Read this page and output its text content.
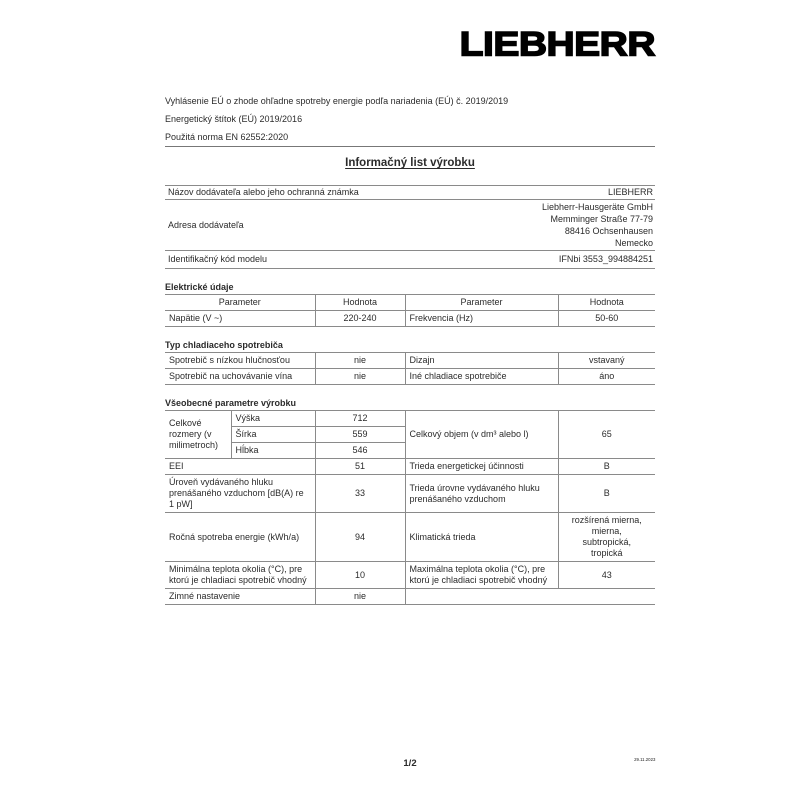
LIEBHERR
Vyhlásenie EÚ o zhode ohľadne spotreby energie podľa nariadenia (EÚ) č. 2019/2019
Energetický štítok (EÚ) 2019/2016
Použitá norma EN 62552:2020
Informačný list výrobku
Názov dodávateľa alebo jeho ochranná známka	LIEBHERR
Adresa dodávateľa	Liebherr-Hausgeräte GmbH
Memminger Straße 77-79
88416 Ochsenhausen
Nemecko

Identifikačný kód modelu	IFNbi 3553_994884251
Elektrické údaje
Parameter	Hodnota	Parameter	Hodnota
Napätie (V ~)	220-240	Frekvencia (Hz)	50-60
Typ chladiaceho spotrebiča
Spotrebič s nízkou hlučnosťou	nie	Dizajn	vstavaný
Spotrebič na uchovávanie vína	nie	Iné chladiace spotrebiče	áno
Všeobecné parametre výrobku
Celkové rozmery (v milimetroch)	Výška	712	Celkový objem (v dm³ alebo l)	65
	Šírka	559		
	Hĺbka	546		
EEI		51	Trieda energetickej účinnosti	B
Úroveň vydávaného hluku prenášaného vzduchom [dB(A) re 1 pW]		33	Trieda úrovne vydávaného hluku prenášaného vzduchom	B
Ročná spotreba energie (kWh/a)		94	Klimatická trieda	rozšírená mierna, mierna, subtropická, tropická
Minimálna teplota okolia (°C), pre ktorú je chladiaci spotrebič vhodný		10	Maximálna teplota okolia (°C), pre ktorú je chladiaci spotrebič vhodný	43
Zimné nastavenie		nie		
1/2	29.11.2023
